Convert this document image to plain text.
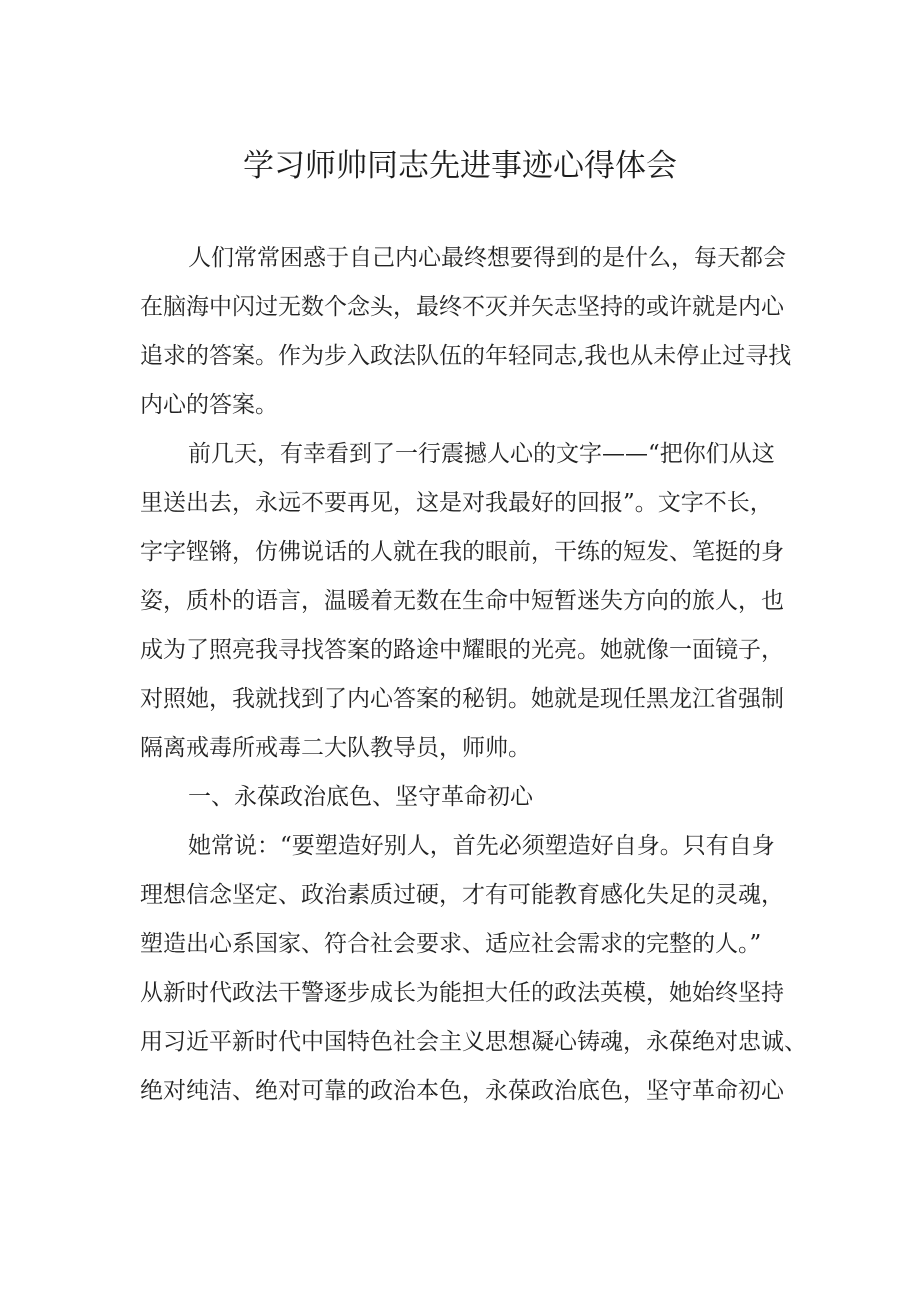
学习师帅同志先进事迹心得体会
人们常常困惑于自己内心最终想要得到的是什么，每天都会
在脑海中闪过无数个念头，最终不灭并矢志坚持的或许就是内心
追求的答案。作为步入政法队伍的年轻同志,我也从未停止过寻找
内心的答案。
前几天，有幸看到了一行震撼人心的文字——“把你们从这
里送出去，永远不要再见，这是对我最好的回报”。文字不长，
字字铿锵，仿佛说话的人就在我的眼前，干练的短发、笔挺的身
姿，质朴的语言，温暖着无数在生命中短暂迷失方向的旅人，也
成为了照亮我寻找答案的路途中耀眼的光亮。她就像一面镜子，
对照她，我就找到了内心答案的秘钥。她就是现任黑龙江省强制
隔离戒毒所戒毒二大队教导员，师帅。
一、永葆政治底色、坚守革命初心
她常说：“要塑造好别人，首先必须塑造好自身。只有自身
理想信念坚定、政治素质过硬，才有可能教育感化失足的灵魂，
塑造出心系国家、符合社会要求、适应社会需求的完整的人。”
从新时代政法干警逐步成长为能担大任的政法英模，她始终坚持
用习近平新时代中国特色社会主义思想凝心铸魂，永葆绝对忠诚、
绝对纯洁、绝对可靠的政治本色，永葆政治底色，坚守革命初心
